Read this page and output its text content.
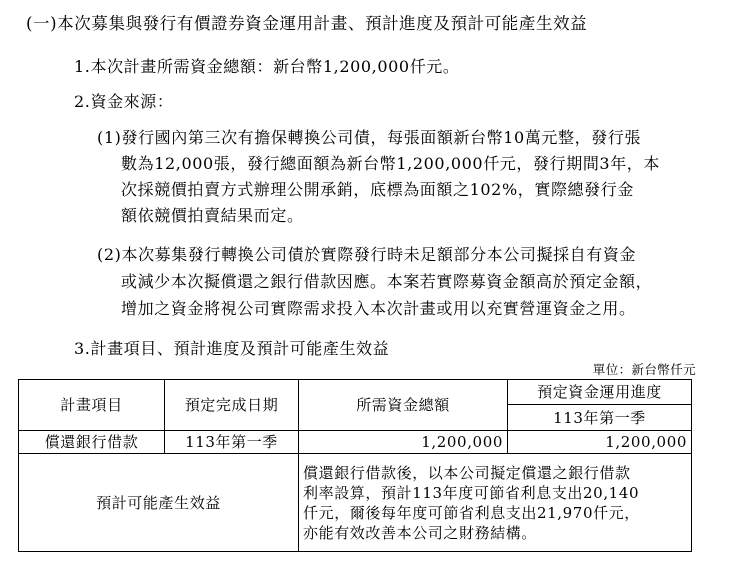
(一)本次募集與發行有價證券資金運用計畫、預計進度及預計可能產生效益
1.本次計畫所需資金總額：新台幣1,200,000仟元。
2.資金來源：
(1)發行國內第三次有擔保轉換公司債，每張面額新台幣10萬元整，發行張
數為12,000張，發行總面額為新台幣1,200,000仟元，發行期間3年，本
次採競價拍賣方式辦理公開承銷，底標為面額之102%，實際總發行金
額依競價拍賣結果而定。
(2)本次募集發行轉換公司債於實際發行時未足額部分本公司擬採自有資金
或減少本次擬償還之銀行借款因應。本案若實際募資金額高於預定金額，
增加之資金將視公司實際需求投入本次計畫或用以充實營運資金之用。
3.計畫項目、預計進度及預計可能產生效益
單位：新台幣仟元
計畫項目	預定完成日期	所需資金總額	預定資金運用進度
			113年第一季
償還銀行借款	113年第一季	1,200,000	1,200,000
預計可能產生效益		償還銀行借款後，以本公司擬定償還之銀行借款
利率設算，預計113年度可節省利息支出20,140
仟元，爾後每年度可節省利息支出21,970仟元，
亦能有效改善本公司之財務結構。	
